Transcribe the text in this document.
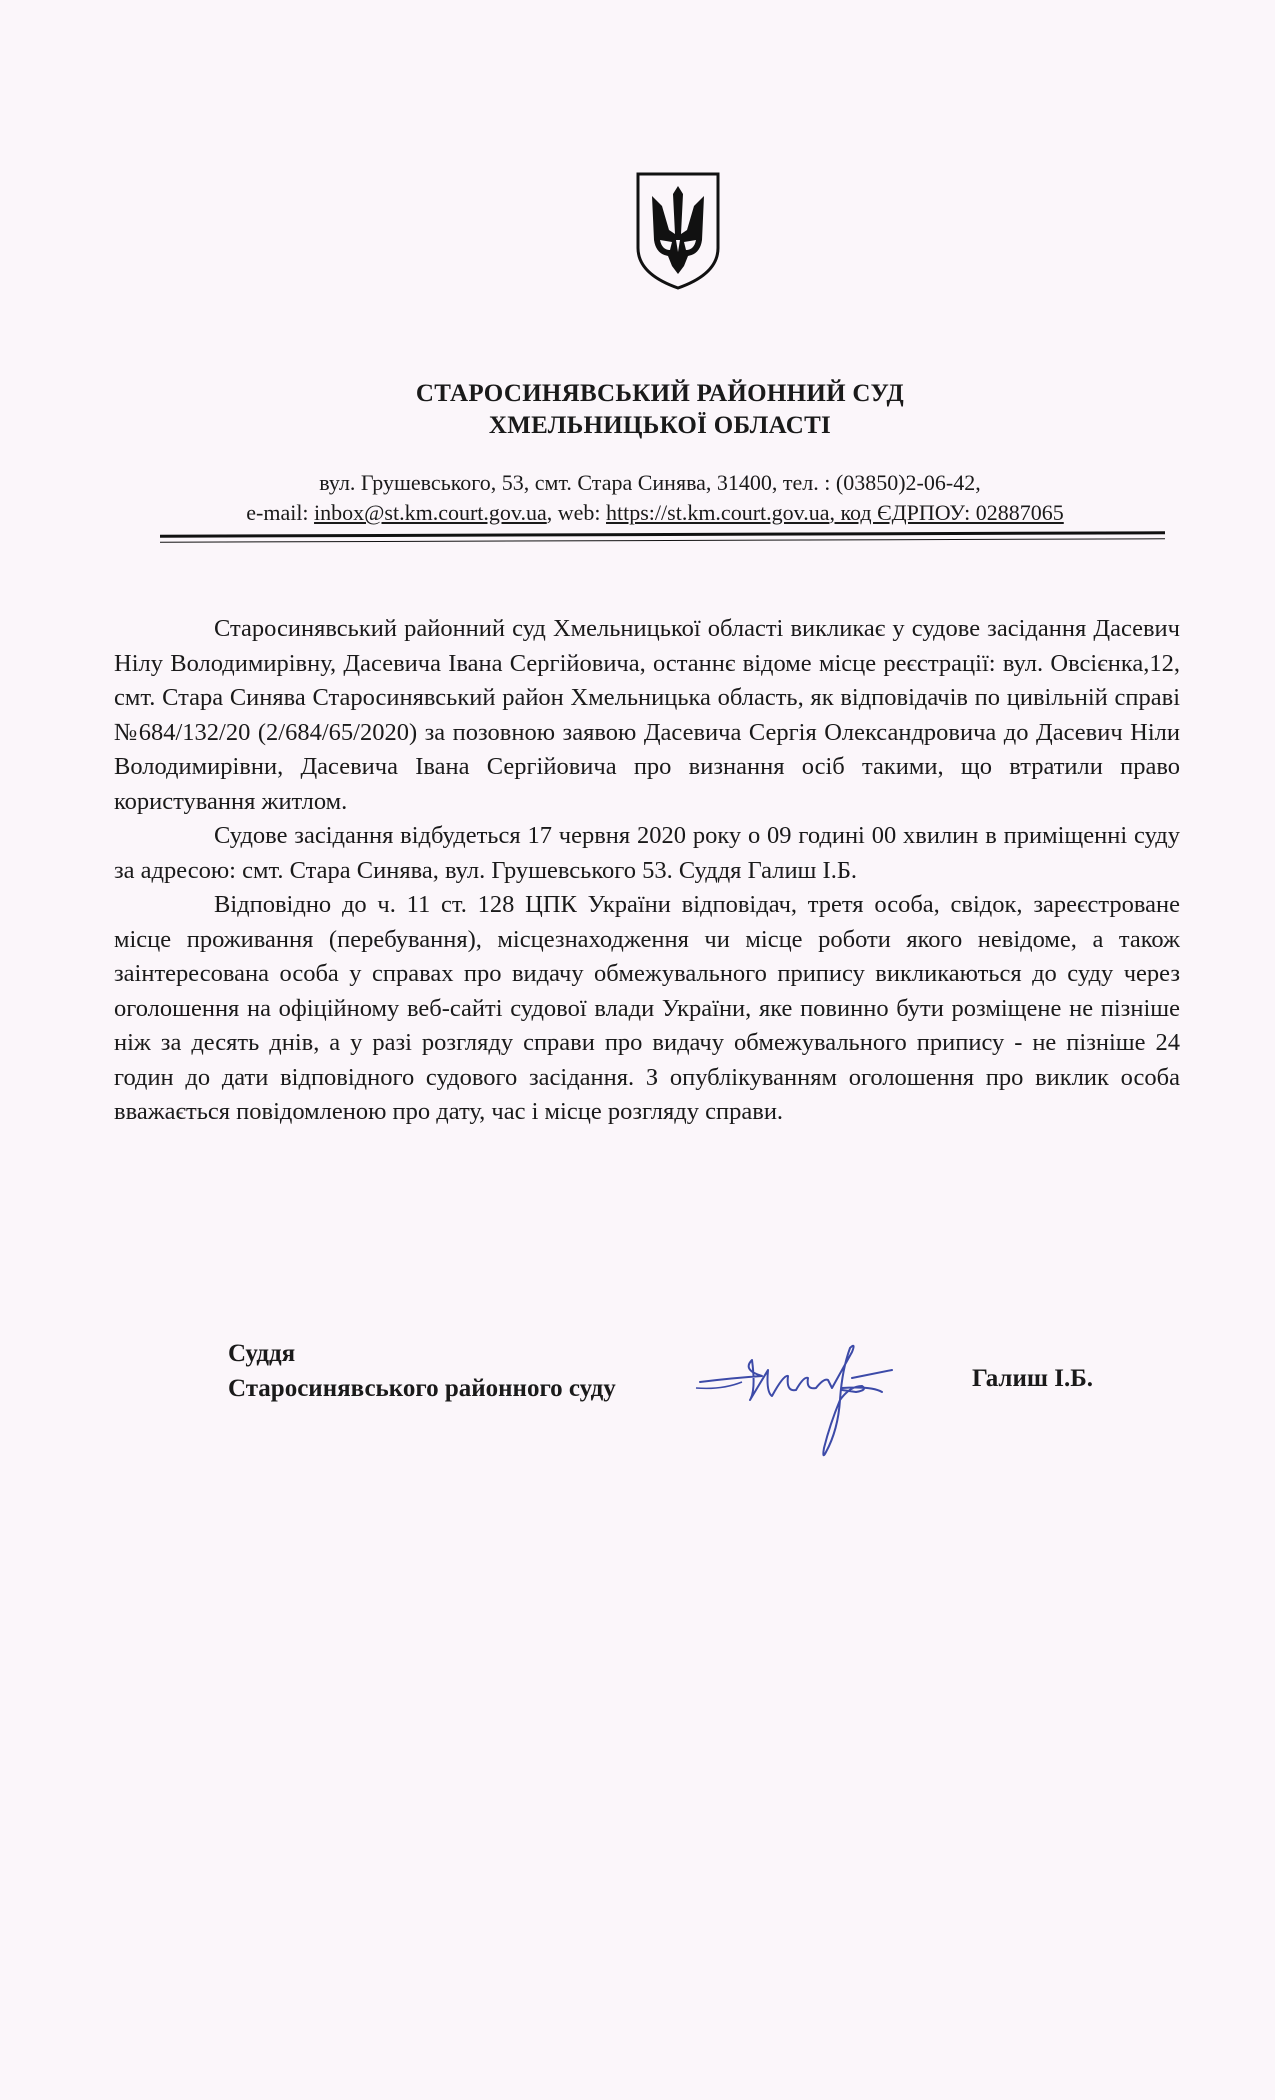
СТАРОСИНЯВСЬКИЙ РАЙОННИЙ СУД
ХМЕЛЬНИЦЬКОЇ ОБЛАСТІ
вул. Грушевського, 53, смт. Стара Синява, 31400, тел. : (03850)2-06-42,
e-mail: inbox@st.km.court.gov.ua, web: https://st.km.court.gov.ua, код ЄДРПОУ: 02887065

Старосинявський районний суд Хмельницької області викликає у судове засідання Дасевич Нілу Володимирівну, Дасевича Івана Сергійовича, останнє відоме місце реєстрації: вул. Овсієнка,12, смт. Стара Синява Старосинявський район Хмельницька область, як відповідачів по цивільній справі №684/132/20 (2/684/65/2020) за позовною заявою Дасевича Сергія Олександровича до Дасевич Ніли Володимирівни, Дасевича Івана Сергійовича про визнання осіб такими, що втратили право користування житлом.

Судове засідання відбудеться 17 червня 2020 року о 09 годині 00 хвилин в приміщенні суду за адресою: смт. Стара Синява, вул. Грушевського 53. Суддя Галиш І.Б.

Відповідно до ч. 11 ст. 128 ЦПК України відповідач, третя особа, свідок, зареєстроване місце проживання (перебування), місцезнаходження чи місце роботи якого невідоме, а також заінтересована особа у справах про видачу обмежувального припису викликаються до суду через оголошення на офіційному веб-сайті судової влади України, яке повинно бути розміщене не пізніше ніж за десять днів, а у разі розгляду справи про видачу обмежувального припису - не пізніше 24 годин до дати відповідного судового засідання. З опублікуванням оголошення про виклик особа вважається повідомленою про дату, час і місце розгляду справи.

Суддя
Старосинявського районного суду	Галиш І.Б.
